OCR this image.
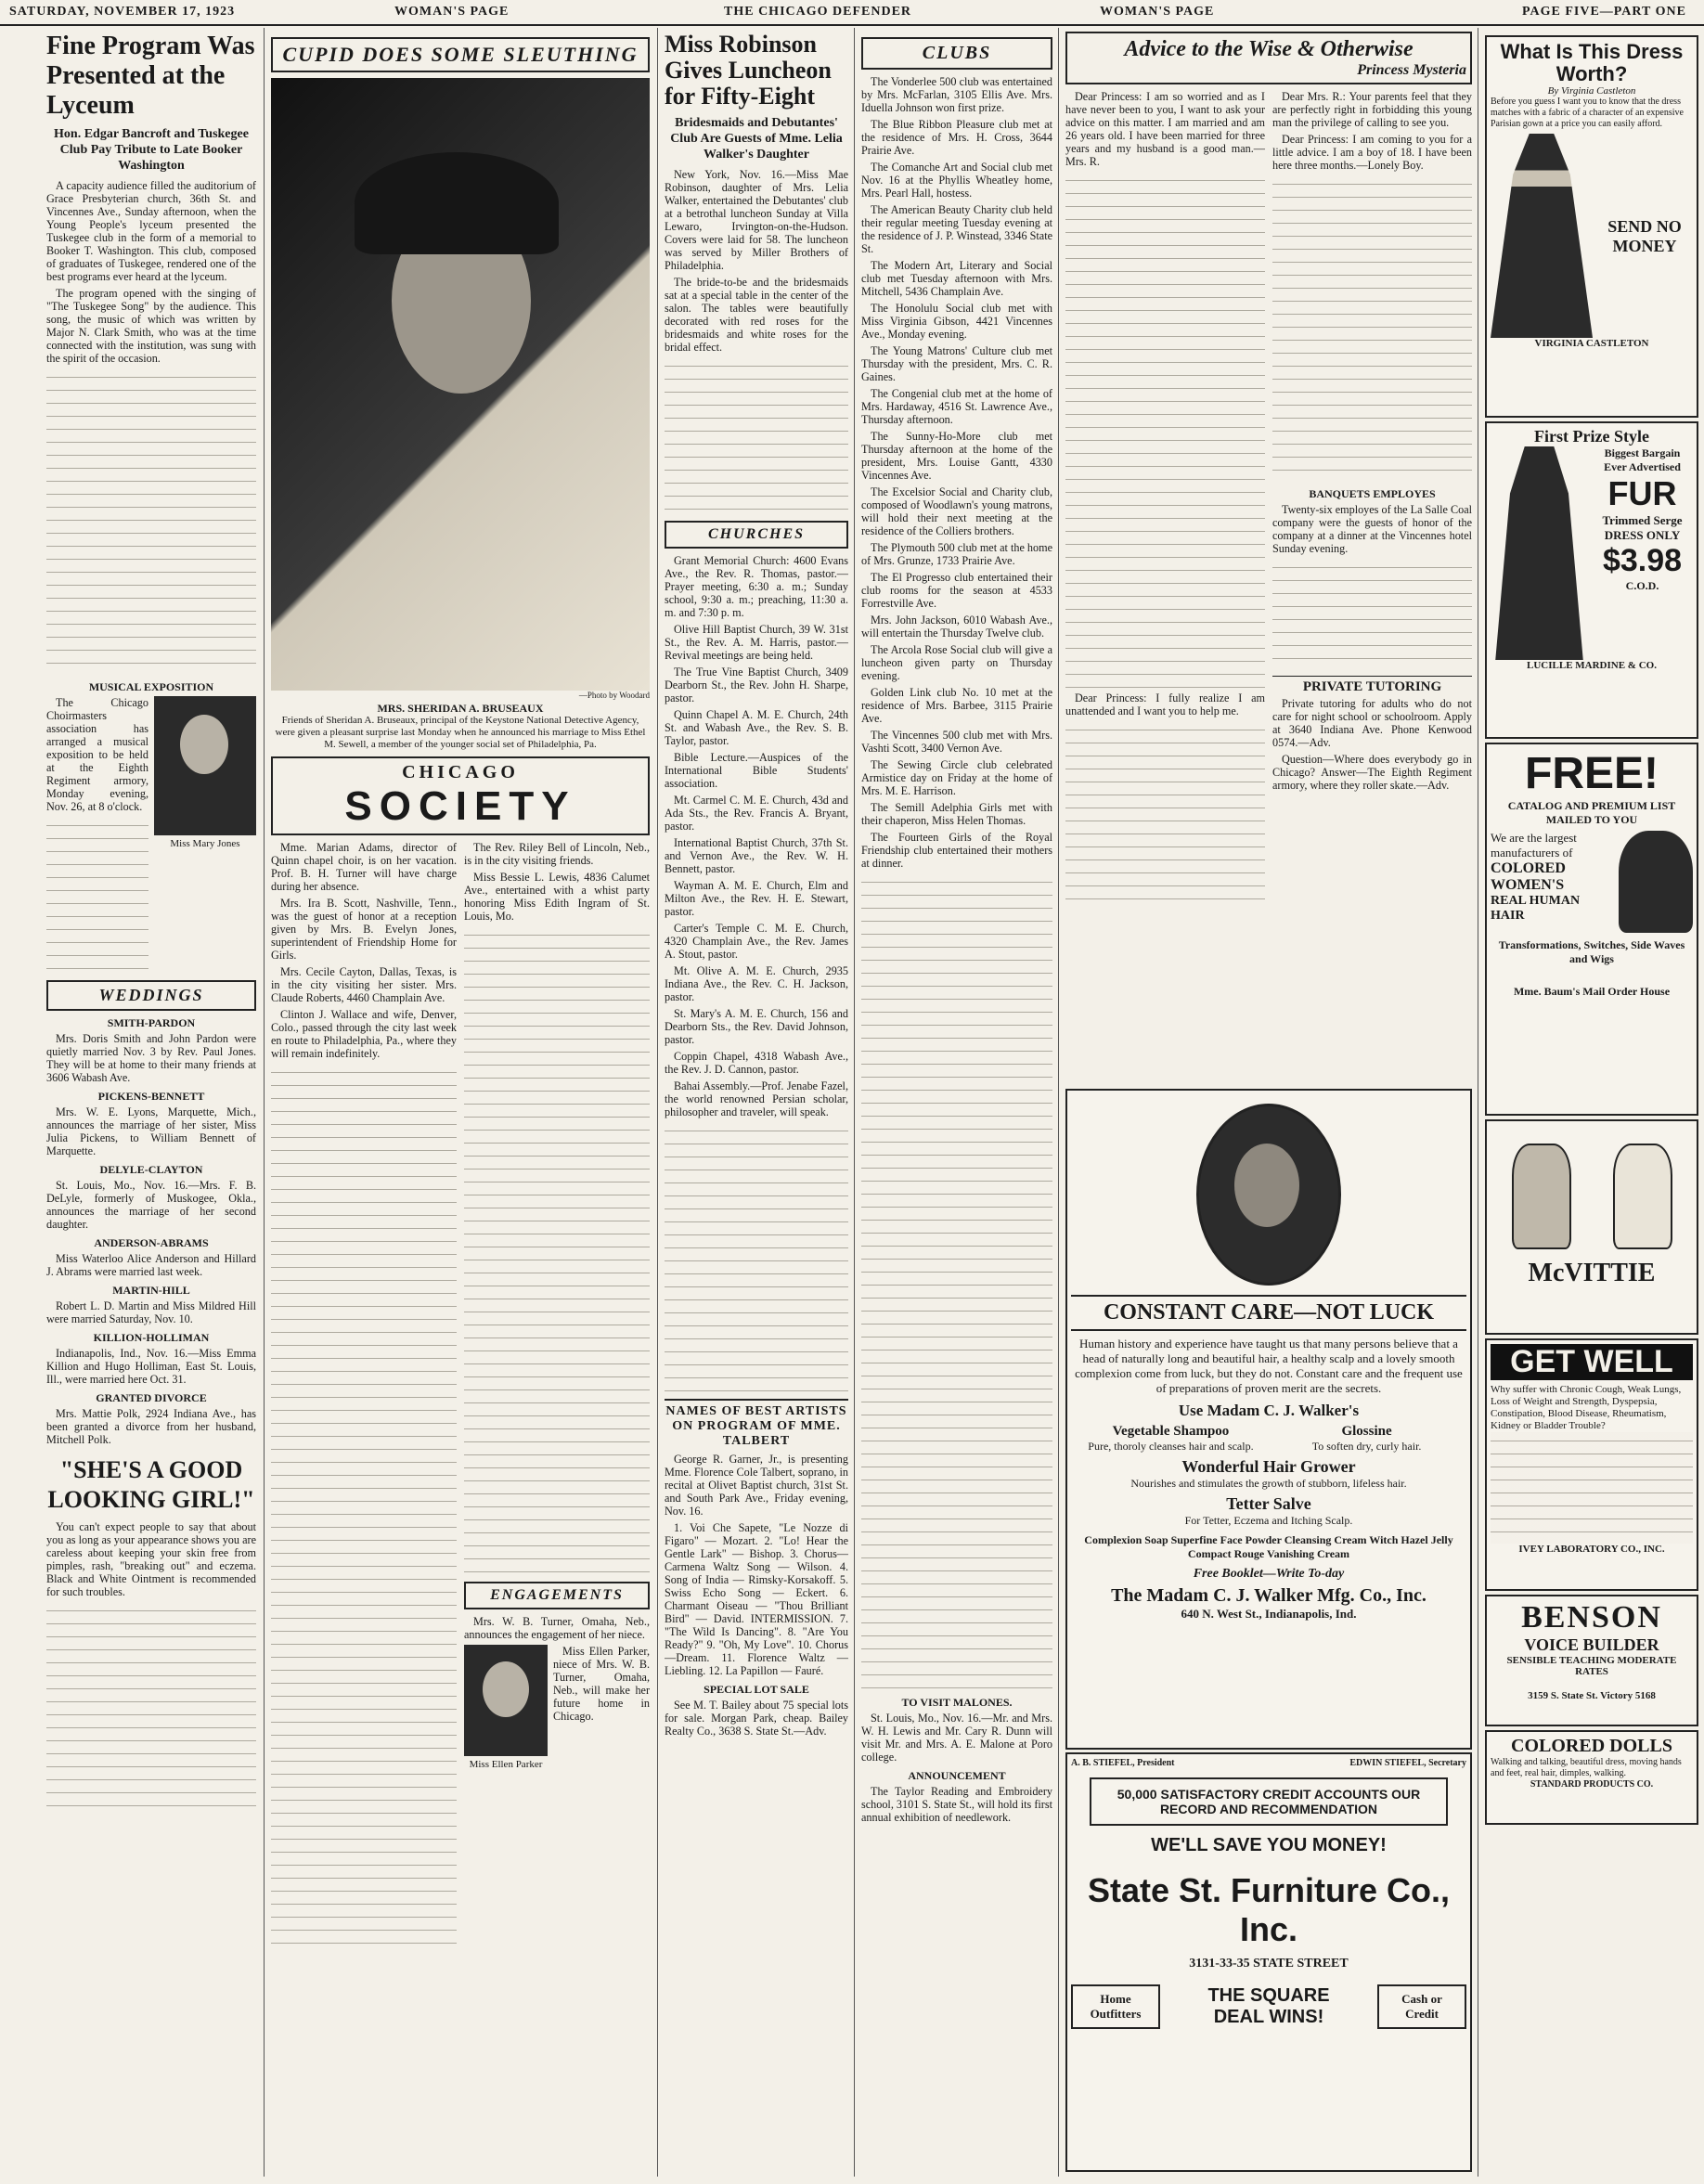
SATURDAY, NOVEMBER 17, 1923	WOMAN'S PAGE	THE CHICAGO DEFENDER	WOMAN'S PAGE	PAGE FIVE—PART ONE
Fine Program Was Presented at the Lyceum
Hon. Edgar Bancroft and Tuskegee Club Pay Tribute to Late Booker Washington

A capacity audience filled the auditorium of Grace Presbyterian church, 36th St. and Vincennes Ave., Sunday afternoon, when the Young People's lyceum presented the Tuskegee club in the form of a memorial to Booker T. Washington. This club, composed of graduates of Tuskegee, rendered one of the best programs ever heard at the lyceum.

The program opened with the singing of "The Tuskegee Song" by the audience. This song, the music of which was written by Major N. Clark Smith, who was at the time connected with the institution, was sung with the spirit of the occasion.

MUSICAL EXPOSITION

The Chicago Choirmasters association has arranged a musical exposition to be held at the Eighth Regiment armory, Monday evening, Nov. 26, at 8 o'clock.

Miss Mary Jones
WEDDINGS
SMITH-PARDON

Mrs. Doris Smith and John Pardon were quietly married Nov. 3 by Rev. Paul Jones. They will be at home to their many friends at 3606 Wabash Ave.

PICKENS-BENNETT

Mrs. W. E. Lyons, Marquette, Mich., announces the marriage of her sister, Miss Julia Pickens, to William Bennett of Marquette.

DELYLE-CLAYTON

St. Louis, Mo., Nov. 16.—Mrs. F. B. DeLyle, formerly of Muskogee, Okla., announces the marriage of her second daughter.

ANDERSON-ABRAMS

Miss Waterloo Alice Anderson and Hillard J. Abrams were married last week.

MARTIN-HILL

Robert L. D. Martin and Miss Mildred Hill were married Saturday, Nov. 10.

KILLION-HOLLIMAN

Indianapolis, Ind., Nov. 16.—Miss Emma Killion and Hugo Holliman, East St. Louis, Ill., were married here Oct. 31.

GRANTED DIVORCE

Mrs. Mattie Polk, 2924 Indiana Ave., has been granted a divorce from her husband, Mitchell Polk.

"SHE'S A GOOD LOOKING GIRL!"

You can't expect people to say that about you as long as your appearance shows you are careless about keeping your skin free from pimples, rash, "breaking out" and eczema. Black and White Ointment is recommended for such troubles.

CUPID DOES SOME SLEUTHING
—Photo by Woodard
MRS. SHERIDAN A. BRUSEAUX
Friends of Sheridan A. Bruseaux, principal of the Keystone National Detective Agency, were given a pleasant surprise last Monday when he announced his marriage to Miss Ethel M. Sewell, a member of the younger social set of Philadelphia, Pa.
CHICAGO
SOCIETY

Mme. Marian Adams, director of Quinn chapel choir, is on her vacation. Prof. B. H. Turner will have charge during her absence.

Mrs. Ira B. Scott, Nashville, Tenn., was the guest of honor at a reception given by Mrs. B. Evelyn Jones, superintendent of Friendship Home for Girls.

Mrs. Cecile Cayton, Dallas, Texas, is in the city visiting her sister. Mrs. Claude Roberts, 4460 Champlain Ave.

Clinton J. Wallace and wife, Denver, Colo., passed through the city last week en route to Philadelphia, Pa., where they will remain indefinitely.

The Rev. Riley Bell of Lincoln, Neb., is in the city visiting friends.

Miss Bessie L. Lewis, 4836 Calumet Ave., entertained with a whist party honoring Miss Edith Ingram of St. Louis, Mo.

ENGAGEMENTS

Mrs. W. B. Turner, Omaha, Neb., announces the engagement of her niece.

Miss Ellen Parker

Miss Ellen Parker, niece of Mrs. W. B. Turner, Omaha, Neb., will make her future home in Chicago.

Miss Robinson Gives Luncheon for Fifty-Eight
Bridesmaids and Debutantes' Club Are Guests of Mme. Lelia Walker's Daughter

New York, Nov. 16.—Miss Mae Robinson, daughter of Mrs. Lelia Walker, entertained the Debutantes' club at a betrothal luncheon Sunday at Villa Lewaro, Irvington-on-the-Hudson. Covers were laid for 58. The luncheon was served by Miller Brothers of Philadelphia.

The bride-to-be and the bridesmaids sat at a special table in the center of the salon. The tables were beautifully decorated with red roses for the bridesmaids and white roses for the bridal effect.

CHURCHES

Grant Memorial Church: 4600 Evans Ave., the Rev. R. Thomas, pastor.—Prayer meeting, 6:30 a. m.; Sunday school, 9:30 a. m.; preaching, 11:30 a. m. and 7:30 p. m.

Olive Hill Baptist Church, 39 W. 31st St., the Rev. A. M. Harris, pastor.—Revival meetings are being held.

The True Vine Baptist Church, 3409 Dearborn St., the Rev. John H. Sharpe, pastor.

Quinn Chapel A. M. E. Church, 24th St. and Wabash Ave., the Rev. S. B. Taylor, pastor.

Bible Lecture.—Auspices of the International Bible Students' association.

Mt. Carmel C. M. E. Church, 43d and Ada Sts., the Rev. Francis A. Bryant, pastor.

International Baptist Church, 37th St. and Vernon Ave., the Rev. W. H. Bennett, pastor.

Wayman A. M. E. Church, Elm and Milton Ave., the Rev. H. E. Stewart, pastor.

Carter's Temple C. M. E. Church, 4320 Champlain Ave., the Rev. James A. Stout, pastor.

Mt. Olive A. M. E. Church, 2935 Indiana Ave., the Rev. C. H. Jackson, pastor.

St. Mary's A. M. E. Church, 156 and Dearborn Sts., the Rev. David Johnson, pastor.

Coppin Chapel, 4318 Wabash Ave., the Rev. J. D. Cannon, pastor.

Bahai Assembly.—Prof. Jenabe Fazel, the world renowned Persian scholar, philosopher and traveler, will speak.

NAMES OF BEST ARTISTS ON PROGRAM OF MME. TALBERT

George R. Garner, Jr., is presenting Mme. Florence Cole Talbert, soprano, in recital at Olivet Baptist church, 31st St. and South Park Ave., Friday evening, Nov. 16.

1. Voi Che Sapete, "Le Nozze di Figaro" — Mozart. 2. "Lo! Hear the Gentle Lark" — Bishop. 3. Chorus—Carmena Waltz Song — Wilson. 4. Song of India — Rimsky-Korsakoff. 5. Swiss Echo Song — Eckert. 6. Charmant Oiseau — "Thou Brilliant Bird" — David. INTERMISSION. 7. "The Wild Is Dancing". 8. "Are You Ready?" 9. "Oh, My Love". 10. Chorus—Dream. 11. Florence Waltz — Liebling. 12. La Papillon — Fauré.

SPECIAL LOT SALE

See M. T. Bailey about 75 special lots for sale. Morgan Park, cheap. Bailey Realty Co., 3638 S. State St.—Adv.

CLUBS

The Vonderlee 500 club was entertained by Mrs. McFarlan, 3105 Ellis Ave. Mrs. Iduella Johnson won first prize.

The Blue Ribbon Pleasure club met at the residence of Mrs. H. Cross, 3644 Prairie Ave.

The Comanche Art and Social club met Nov. 16 at the Phyllis Wheatley home, Mrs. Pearl Hall, hostess.

The American Beauty Charity club held their regular meeting Tuesday evening at the residence of J. P. Winstead, 3346 State St.

The Modern Art, Literary and Social club met Tuesday afternoon with Mrs. Mitchell, 5436 Champlain Ave.

The Honolulu Social club met with Miss Virginia Gibson, 4421 Vincennes Ave., Monday evening.

The Young Matrons' Culture club met Thursday with the president, Mrs. C. R. Gaines.

The Congenial club met at the home of Mrs. Hardaway, 4516 St. Lawrence Ave., Thursday afternoon.

The Sunny-Ho-More club met Thursday afternoon at the home of the president, Mrs. Louise Gantt, 4330 Vincennes Ave.

The Excelsior Social and Charity club, composed of Woodlawn's young matrons, will hold their next meeting at the residence of the Colliers brothers.

The Plymouth 500 club met at the home of Mrs. Grunze, 1733 Prairie Ave.

The El Progresso club entertained their club rooms for the season at 4533 Forrestville Ave.

Mrs. John Jackson, 6010 Wabash Ave., will entertain the Thursday Twelve club.

The Arcola Rose Social club will give a luncheon given party on Thursday evening.

Golden Link club No. 10 met at the residence of Mrs. Barbee, 3115 Prairie Ave.

The Vincennes 500 club met with Mrs. Vashti Scott, 3400 Vernon Ave.

The Sewing Circle club celebrated Armistice day on Friday at the home of Mrs. M. E. Harrison.

The Semill Adelphia Girls met with their chaperon, Miss Helen Thomas.

The Fourteen Girls of the Royal Friendship club entertained their mothers at dinner.

TO VISIT MALONES.

St. Louis, Mo., Nov. 16.—Mr. and Mrs. W. H. Lewis and Mr. Cary R. Dunn will visit Mr. and Mrs. A. E. Malone at Poro college.

ANNOUNCEMENT

The Taylor Reading and Embroidery school, 3101 S. State St., will hold its first annual exhibition of needlework.

Advice to the Wise & Otherwise
Princess Mysteria

Dear Princess: I am so worried and as I have never been to you, I want to ask your advice on this matter. I am married and am 26 years old. I have been married for three years and my husband is a good man.—Mrs. R.

Dear Princess: I fully realize I am unattended and I want you to help me.

Dear Mrs. R.: Your parents feel that they are perfectly right in forbidding this young man the privilege of calling to see you.

Dear Princess: I am coming to you for a little advice. I am a boy of 18. I have been here three months.—Lonely Boy.

BANQUETS EMPLOYES

Twenty-six employes of the La Salle Coal company were the guests of honor of the company at a dinner at the Vincennes hotel Sunday evening.

PRIVATE TUTORING

Private tutoring for adults who do not care for night school or schoolroom. Apply at 3640 Indiana Ave. Phone Kenwood 0574.—Adv.

Question—Where does everybody go in Chicago? Answer—The Eighth Regiment armory, where they roller skate.—Adv.

CONSTANT CARE—NOT LUCK
Human history and experience have taught us that many persons believe that a head of naturally long and beautiful hair, a healthy scalp and a lovely smooth complexion come from luck, but they do not. Constant care and the frequent use of preparations of proven merit are the secrets.
Use Madam C. J. Walker's
Vegetable Shampoo
Pure, thoroly cleanses hair and scalp.
Glossine
To soften dry, curly hair.
Wonderful Hair Grower
Nourishes and stimulates the growth of stubborn, lifeless hair.
Tetter Salve
For Tetter, Eczema and Itching Scalp.
Complexion Soap Superfine Face Powder Cleansing Cream Witch Hazel Jelly Compact Rouge Vanishing Cream
Free Booklet—Write To-day
The Madam C. J. Walker Mfg. Co., Inc.
640 N. West St., Indianapolis, Ind.
A. B. STIEFEL, President	EDWIN STIEFEL, Secretary
50,000 SATISFACTORY CREDIT ACCOUNTS OUR RECORD AND RECOMMENDATION
WE'LL SAVE YOU MONEY!
State St. Furniture Co., Inc.
3131-33-35 STATE STREET
Home Outfitters
THE SQUARE DEAL WINS!
Cash or Credit
What Is This Dress Worth?
By Virginia Castleton
Before you guess I want you to know that the dress matches with a fabric of a character of an expensive Parisian gown at a price you can easily afford.
SEND NO MONEY
VIRGINIA CASTLETON
First Prize Style
Biggest Bargain Ever Advertised
FUR
Trimmed Serge DRESS ONLY
$3.98
C.O.D.
LUCILLE MARDINE & CO.
FREE!
CATALOG AND PREMIUM LIST
MAILED TO YOU
We are the largest manufacturers of
COLORED WOMEN'S
REAL HUMAN HAIR
Transformations, Switches, Side Waves and Wigs
Mme. Baum's Mail Order House
McVITTIE
GET WELL
Why suffer with Chronic Cough, Weak Lungs, Loss of Weight and Strength, Dyspepsia, Constipation, Blood Disease, Rheumatism, Kidney or Bladder Trouble?
IVEY LABORATORY CO., INC.
BENSON
VOICE BUILDER
SENSIBLE TEACHING MODERATE RATES
3159 S. State St. Victory 5168
COLORED DOLLS
Walking and talking, beautiful dress, moving hands and feet, real hair, dimples, walking.
STANDARD PRODUCTS CO.
